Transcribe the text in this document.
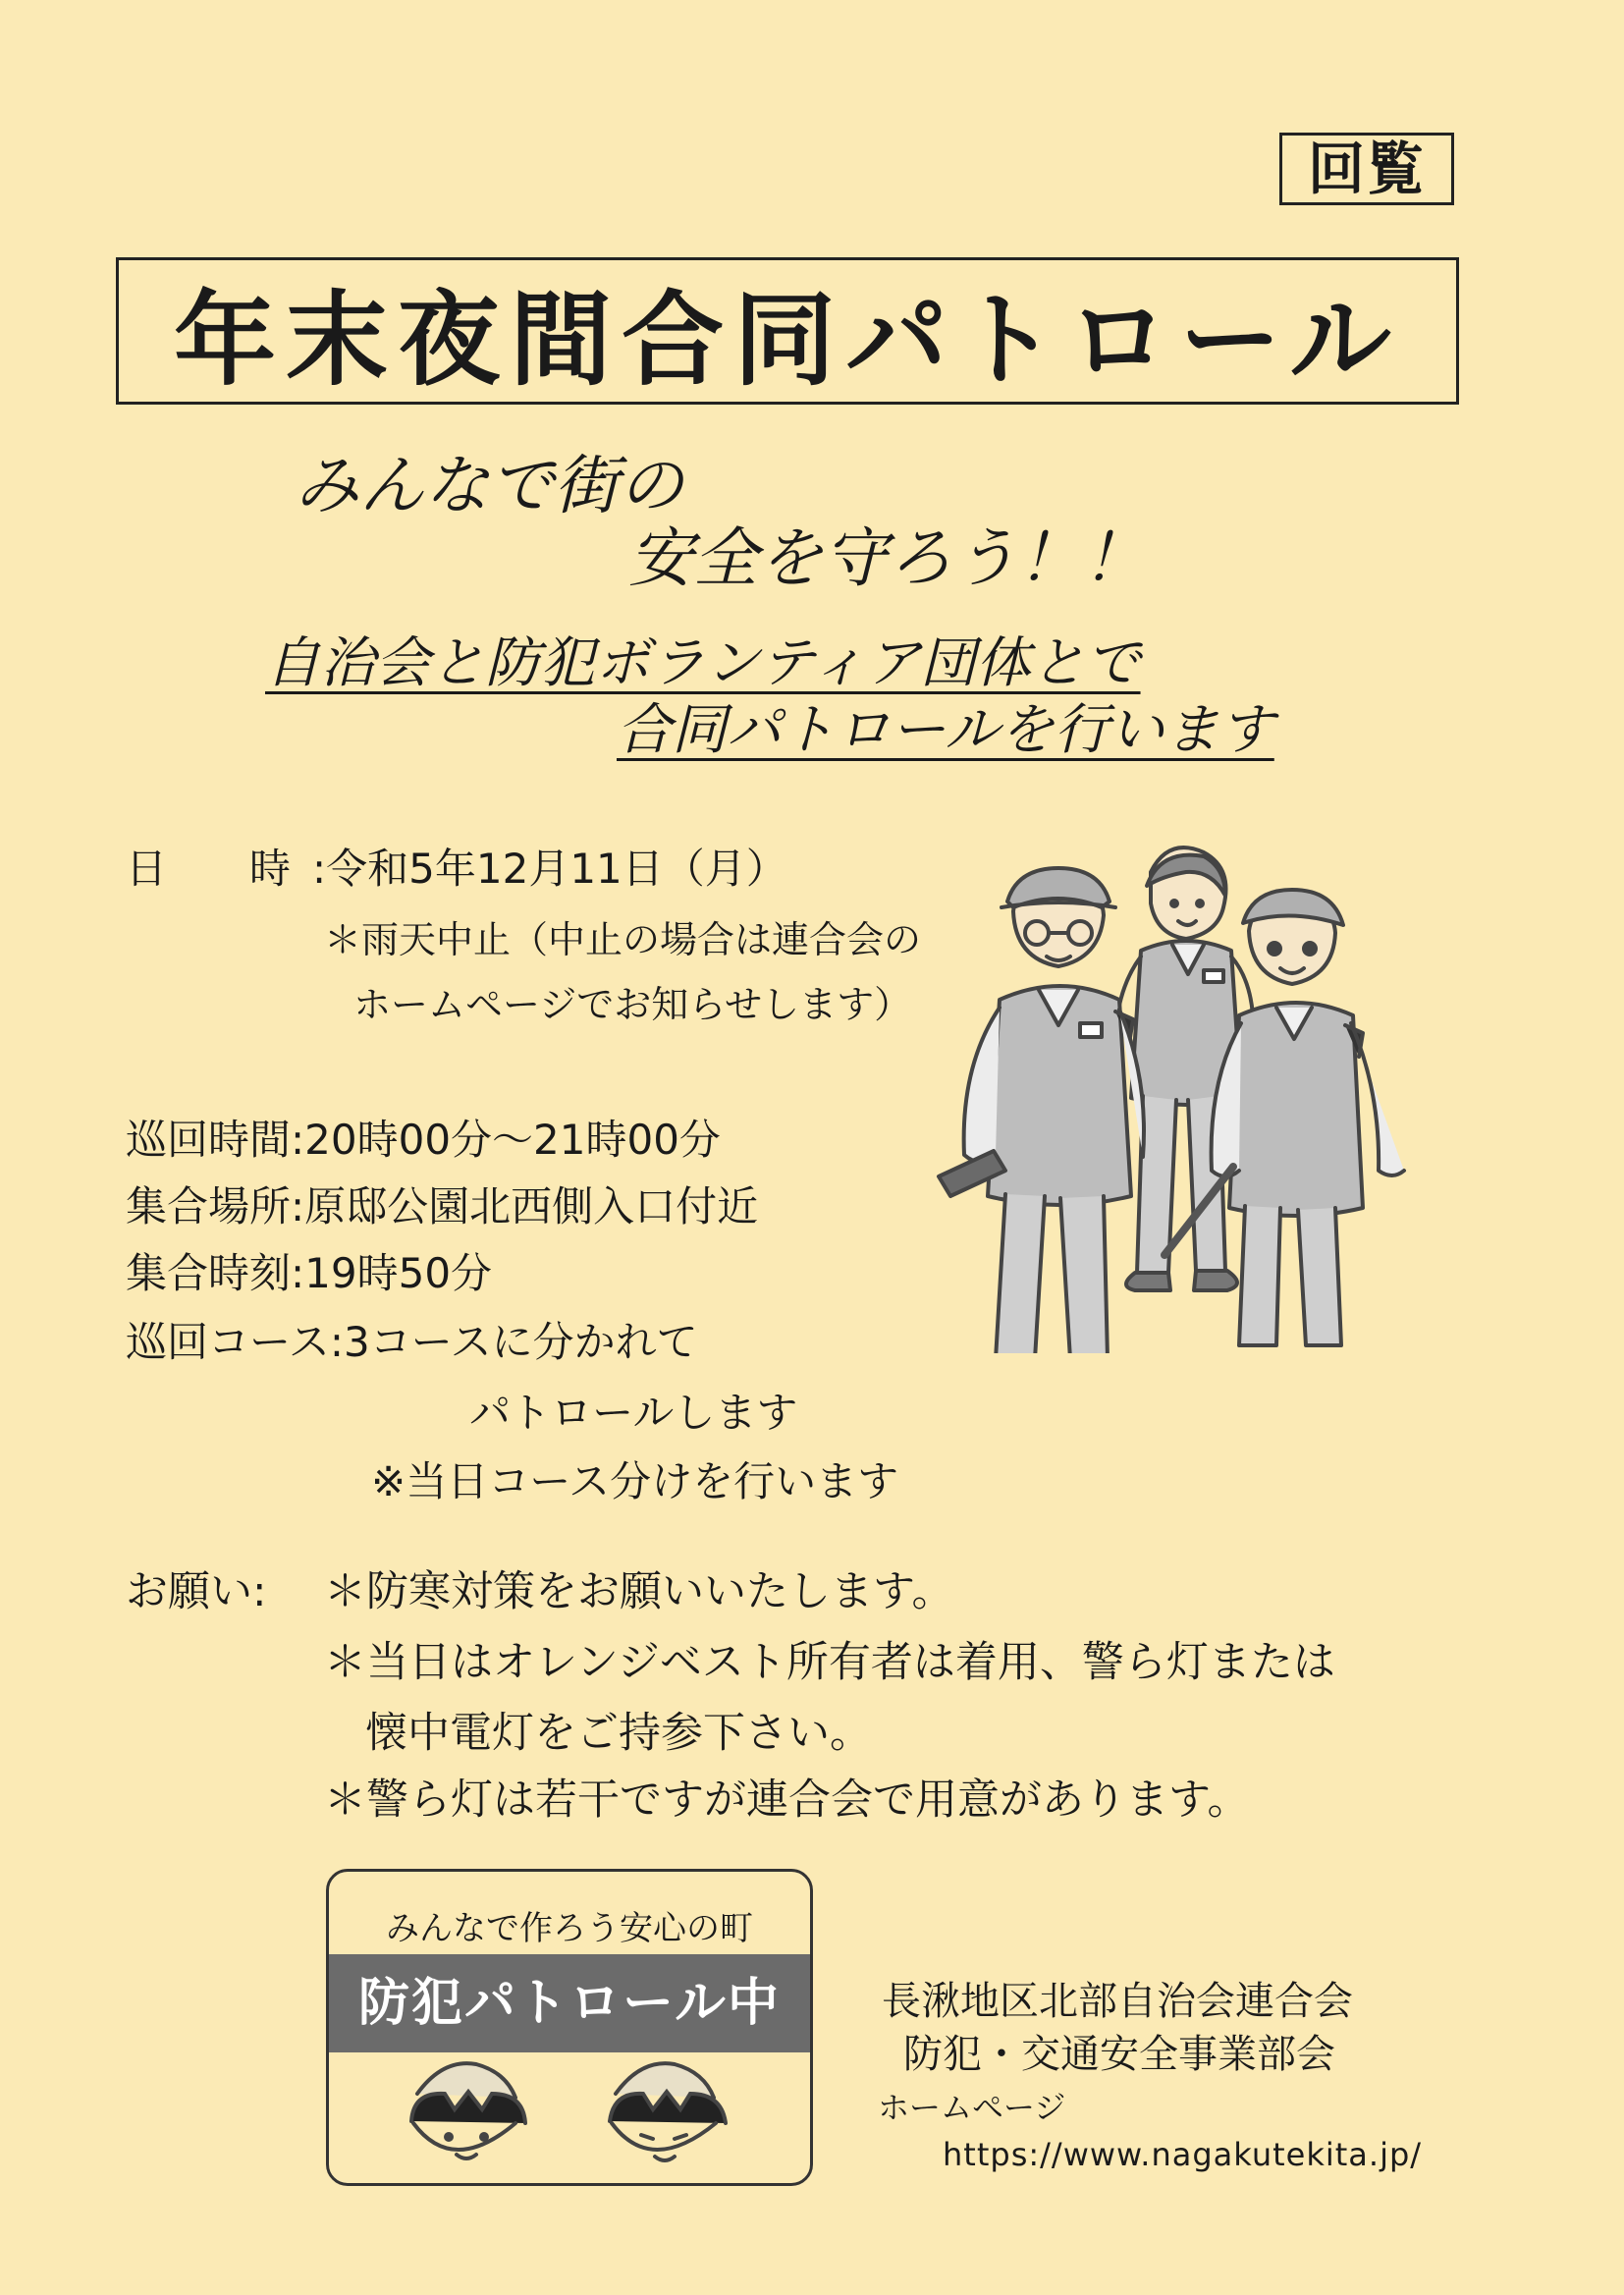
回覧
年末夜間合同パトロール
みんなで街の
安全を守ろう！！
自治会と防犯ボランティア団体とで
合同パトロールを行います
日　　時 :令和5年12月11日（月）
＊雨天中止（中止の場合は連合会の
ホームページでお知らせします）
巡回時間:20時00分～21時00分
集合場所:原邸公園北西側入口付近
集合時刻:19時50分
巡回コース:3コースに分かれて
パトロールします
※当日コース分けを行います
お願い: ＊防寒対策をお願いいたします。
＊当日はオレンジベスト所有者は着用、警ら灯または
懐中電灯をご持参下さい。
＊警ら灯は若干ですが連合会で用意があります。
みんなで作ろう安心の町
防犯パトロール中	長湫地区北部自治会連合会
防犯・交通安全事業部会
ホームページ
https://www.nagakutekita.jp/
